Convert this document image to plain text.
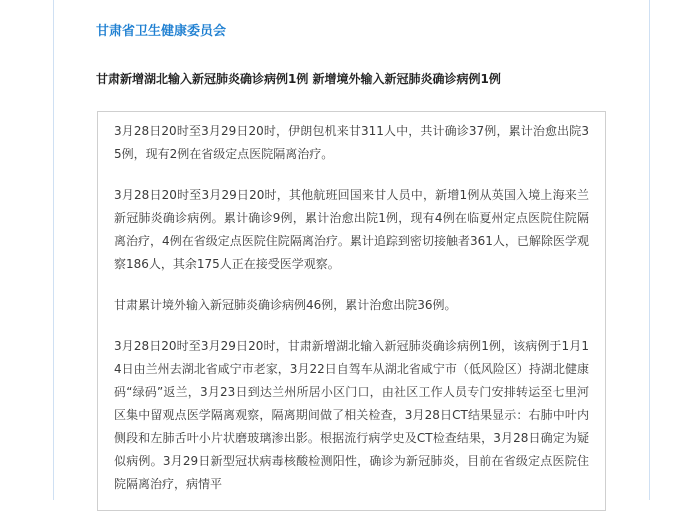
甘肃省卫生健康委员会
甘肃新增湖北输入新冠肺炎确诊病例1例 新增境外输入新冠肺炎确诊病例1例

3月28日20时至3月29日20时，伊朗包机来甘311人中，共计确诊37例，累计治愈出院35例，现有2例在省级定点医院隔离治疗。

3月28日20时至3月29日20时，其他航班回国来甘人员中，新增1例从英国入境上海来兰新冠肺炎确诊病例。累计确诊9例，累计治愈出院1例，现有4例在临夏州定点医院住院隔离治疗，4例在省级定点医院住院隔离治疗。累计追踪到密切接触者361人，已解除医学观察186人，其余175人正在接受医学观察。

甘肃累计境外输入新冠肺炎确诊病例46例，累计治愈出院36例。

3月28日20时至3月29日20时，甘肃新增湖北输入新冠肺炎确诊病例1例，该病例于1月14日由兰州去湖北省咸宁市老家，3月22日自驾车从湖北省咸宁市（低风险区）持湖北健康码“绿码”返兰，3月23日到达兰州所居小区门口，由社区工作人员专门安排转运至七里河区集中留观点医学隔离观察，隔离期间做了相关检查，3月28日CT结果显示：右肺中叶内侧段和左肺舌叶小片状磨玻璃渗出影。根据流行病学史及CT检查结果，3月28日确定为疑似病例。3月29日新型冠状病毒核酸检测阳性，确诊为新冠肺炎，目前在省级定点医院住院隔离治疗，病情平
